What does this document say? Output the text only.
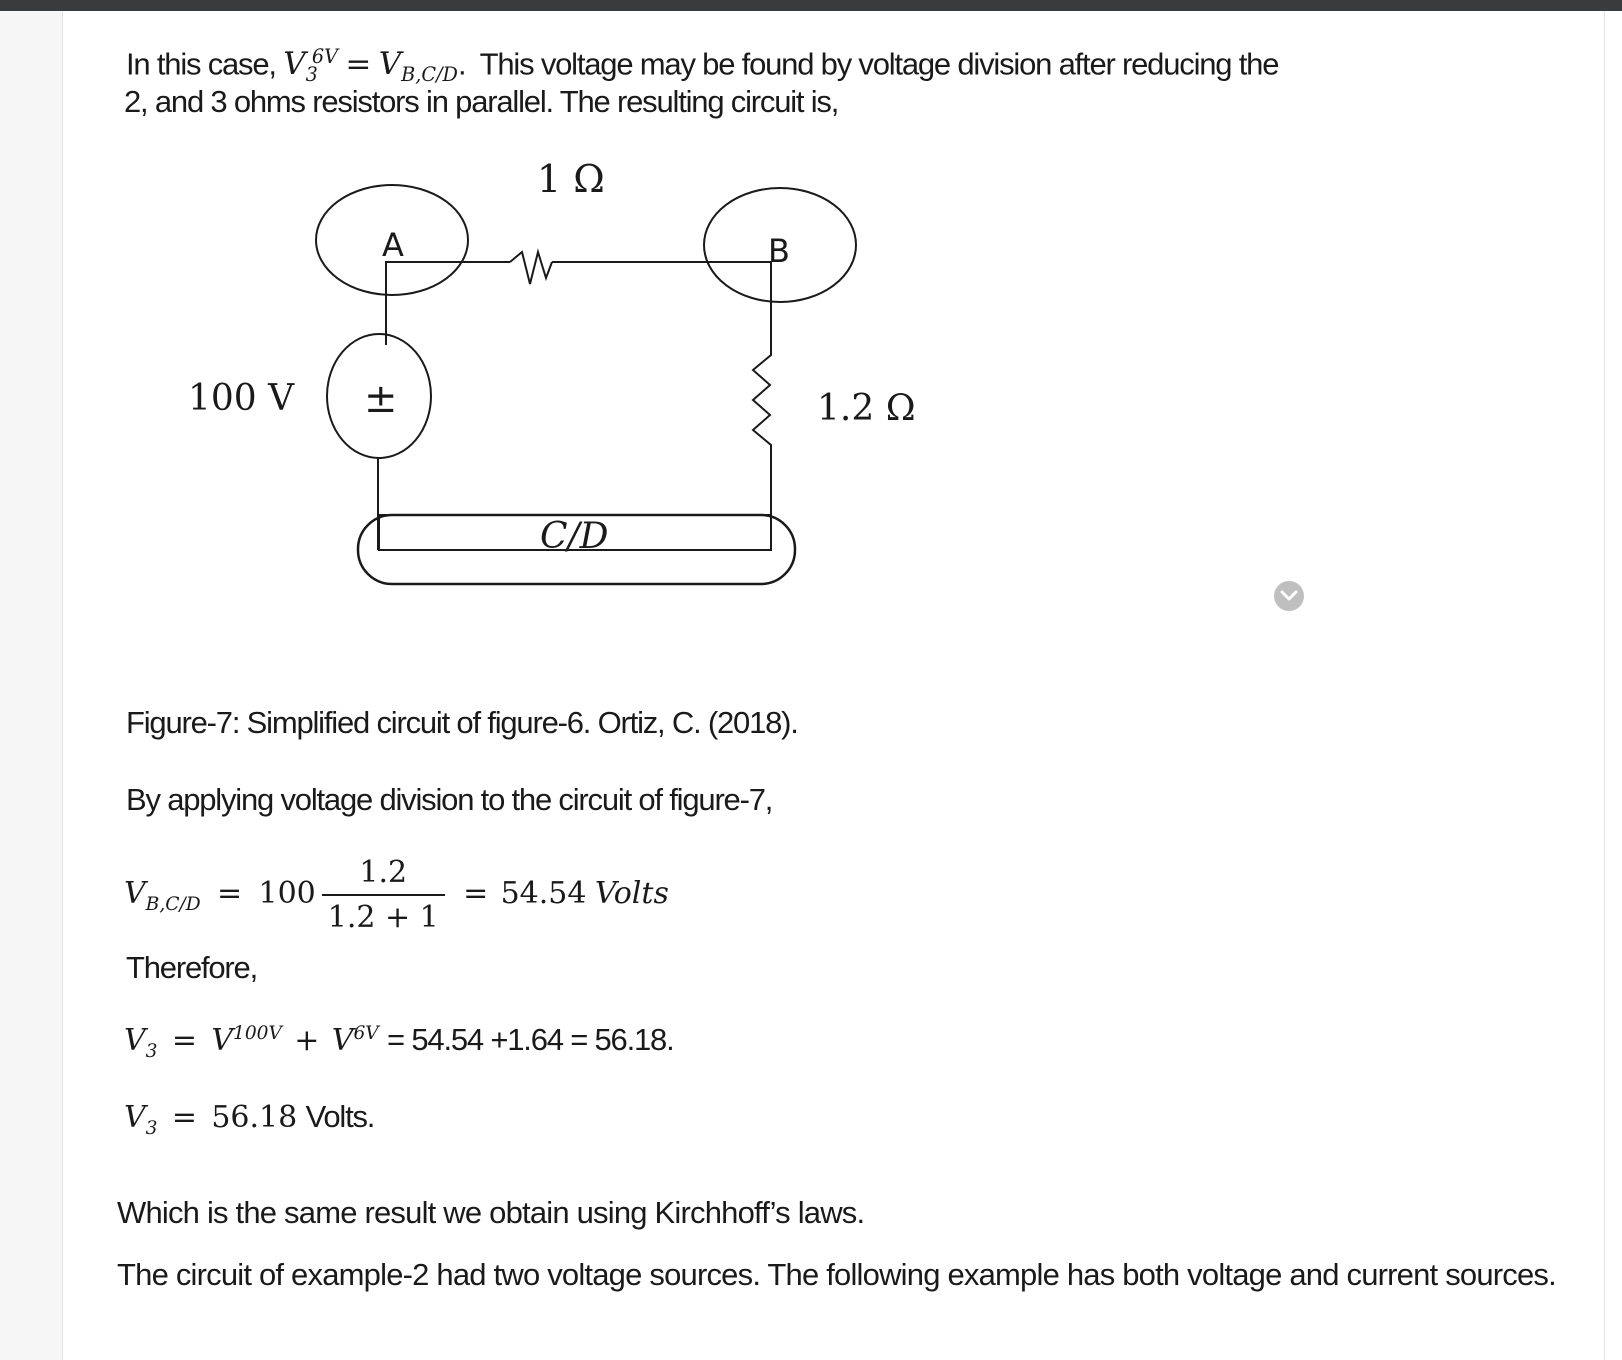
In this case, $V_3^{6V} = V_{B,C/D}$. This voltage may be found by voltage division after reducing the
2, and 3 ohms resistors in parallel. The resulting circuit is,
1 Ω
A	B
100 V ±	1.2 Ω
C/D
Figure-7: Simplified circuit of figure-6. Ortiz, C. (2018).
By applying voltage division to the circuit of figure-7,
$V_{B,C/D} = 100 \frac{1.2}{1.2 + 1} = 54.54$ Volts
Therefore,
$V_3 = V^{100V} + V^{6V} = 54.54 +1.64 = 56.18$.
$V_3 = 56.18$ Volts.
Which is the same result we obtain using Kirchhoff’s laws.
The circuit of example-2 had two voltage sources. The following example has both voltage and current sources.
